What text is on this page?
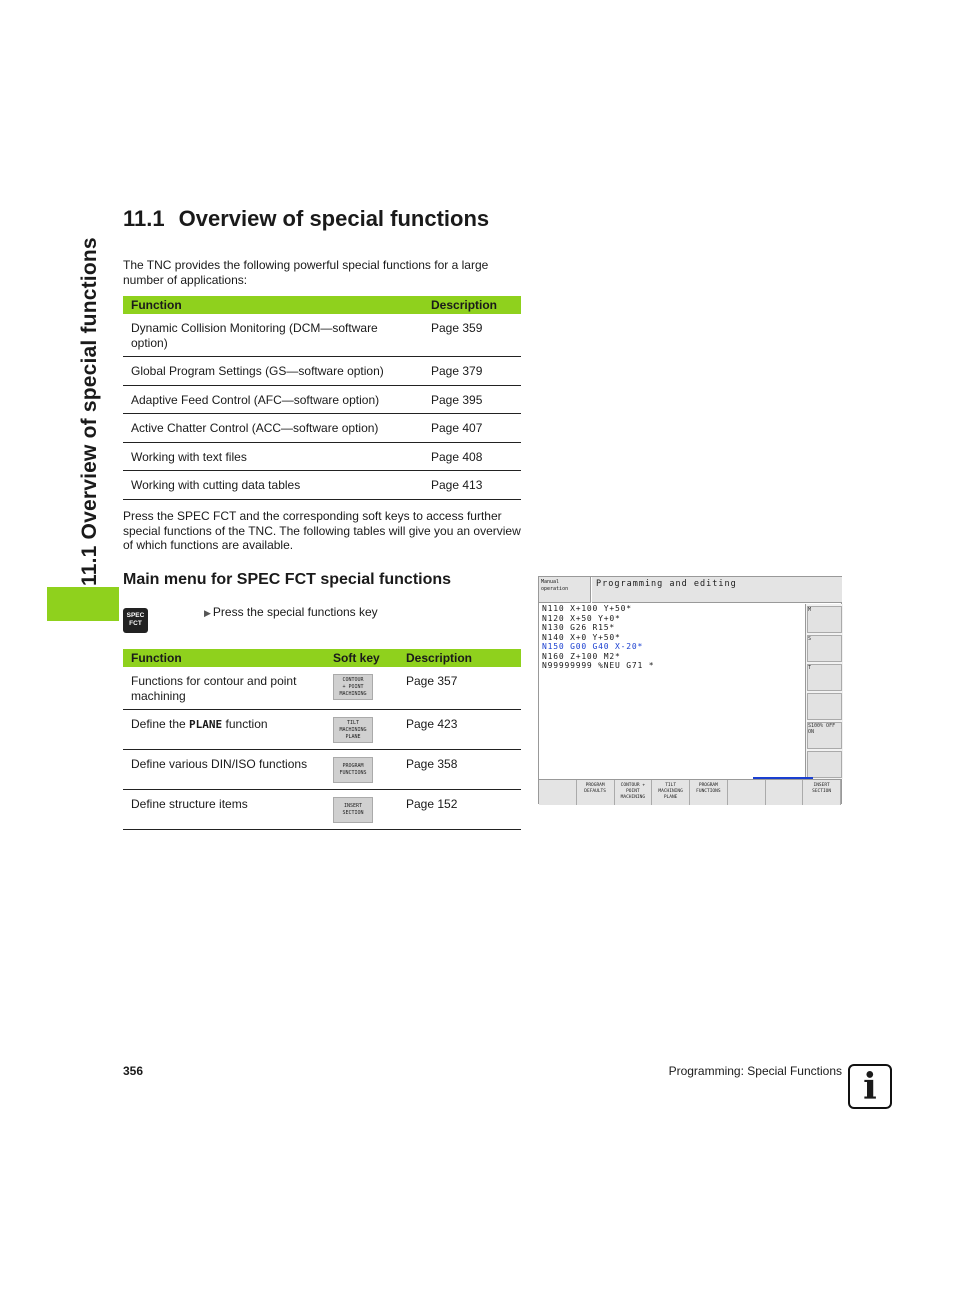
11.1 Overview of special functions
11.1 Overview of special functions

The TNC provides the following powerful special functions for a large number of applications:

Function	Description
Dynamic Collision Monitoring (DCM—software option)	Page 359
Global Program Settings (GS—software option)	Page 379
Adaptive Feed Control (AFC—software option)	Page 395
Active Chatter Control (ACC—software option)	Page 407
Working with text files	Page 408
Working with cutting data tables	Page 413

Press the SPEC FCT and the corresponding soft keys to access further special functions of the TNC. The following tables will give you an overview of which functions are available.

Main menu for SPEC FCT special functions
SPEC
FCT
▶ Press the special functions key
Function	Soft key	Description
Functions for contour and point machining	CONTOUR
+ POINT
MACHINING	Page 357
Define the PLANE function	TILT
MACHINING
PLANE	Page 423
Define various DIN/ISO functions	PROGRAM
FUNCTIONS	Page 358
Define structure items	INSERT
SECTION	Page 152
Manual operation	Programming and editing
N110 X+100 Y+50*
N120 X+50 Y+0*
N130 G26 R15*
N140 X+0 Y+50*
N150 G00 G40 X-20*
N160 Z+100 M2*
N99999999 %NEU G71 *
M
S
T
S100% OFF ON
PROGRAM DEFAULTS
CONTOUR + POINT MACHINING
TILT MACHINING PLANE
PROGRAM FUNCTIONS
INSERT SECTION
356	Programming: Special Functions i
